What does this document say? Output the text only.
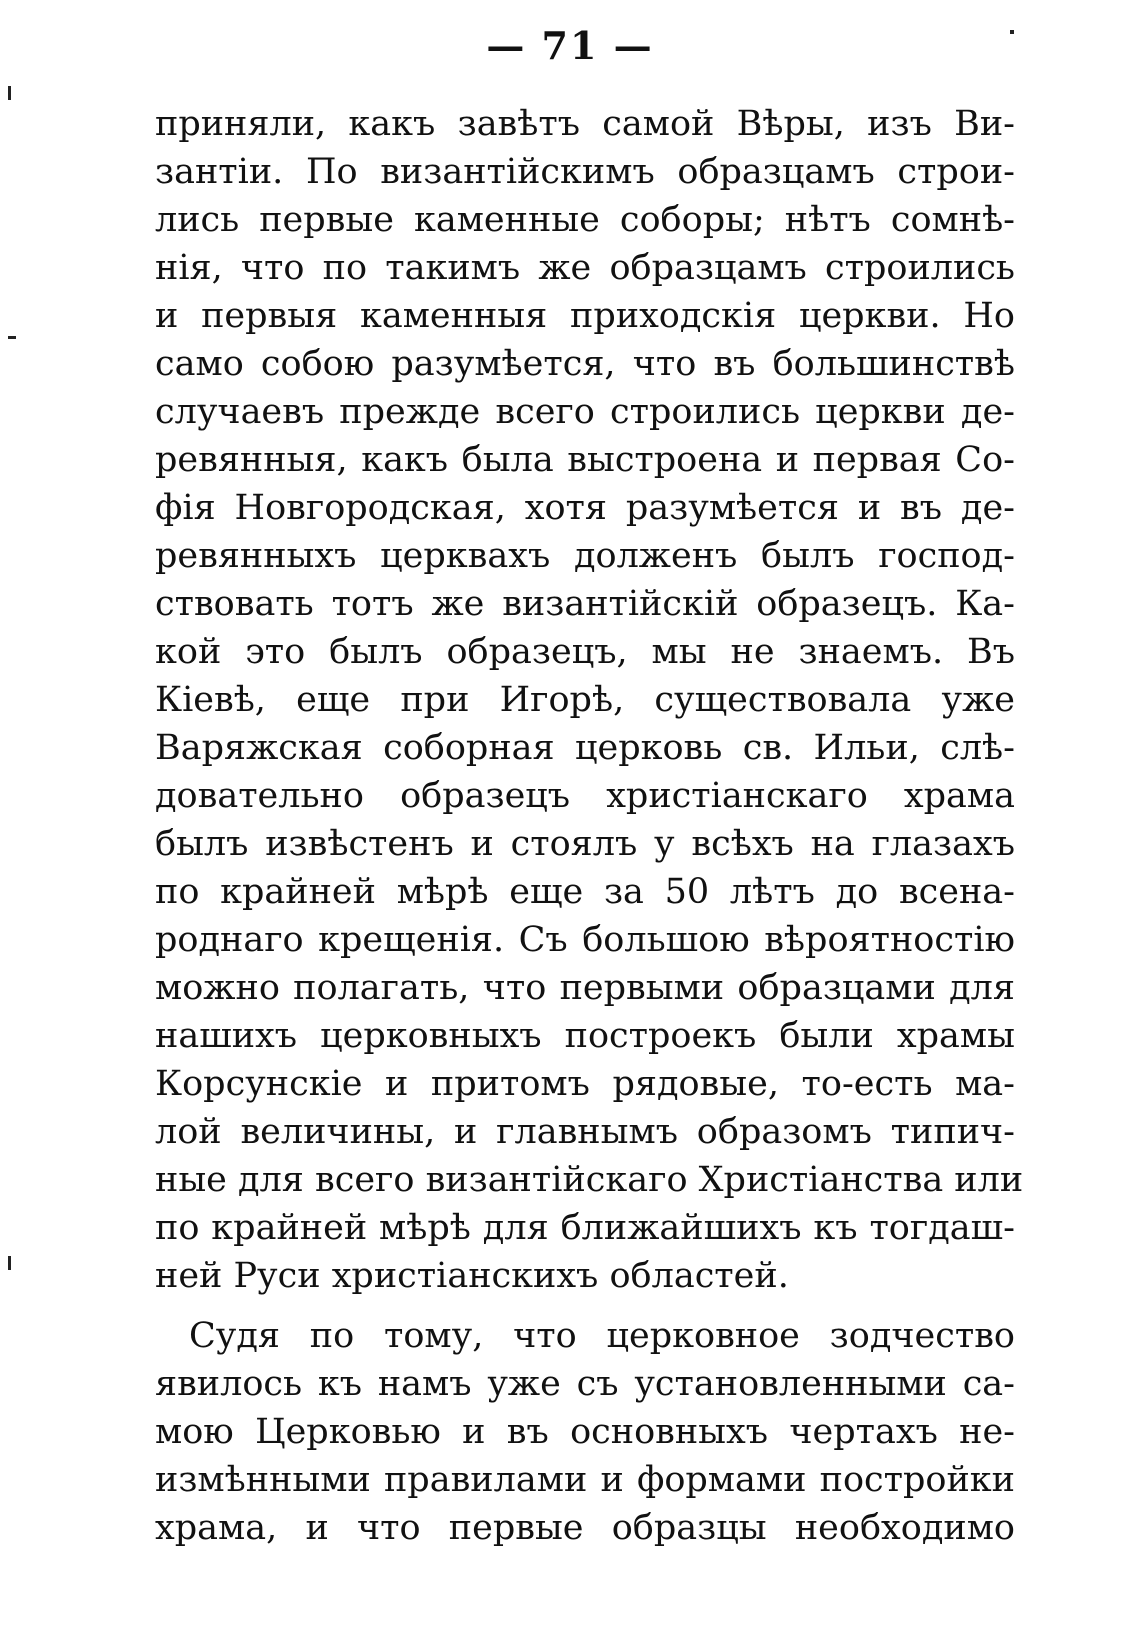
— 71 —
приняли, какъ завѣтъ самой Вѣры, изъ Ви-
зантіи. По византійскимъ образцамъ строи-
лись первые каменные соборы; нѣтъ сомнѣ-
нія, что по такимъ же образцамъ строились
и первыя каменныя приходскія церкви. Но
само собою разумѣется, что въ большинствѣ
случаевъ прежде всего строились церкви де-
ревянныя, какъ была выстроена и первая Со-
фія Новгородская, хотя разумѣется и въ де-
ревянныхъ церквахъ долженъ былъ господ-
ствовать тотъ же византійскій образецъ. Ка-
кой это былъ образецъ, мы не знаемъ. Въ
Кіевѣ, еще при Игорѣ, существовала уже
Варяжская соборная церковь св. Ильи, слѣ-
довательно образецъ христіанскаго храма
былъ извѣстенъ и стоялъ у всѣхъ на глазахъ
по крайней мѣрѣ еще за 50 лѣтъ до всена-
роднаго крещенія. Съ большою вѣроятностію
можно полагать, что первыми образцами для
нашихъ церковныхъ построекъ были храмы
Корсунскіе и притомъ рядовые, то-есть ма-
лой величины, и главнымъ образомъ типич-
ные для всего византійскаго Христіанства или
по крайней мѣрѣ для ближайшихъ къ тогдаш-
ней Руси христіанскихъ областей.
Судя по тому, что церковное зодчество
явилось къ намъ уже съ установленными са-
мою Церковью и въ основныхъ чертахъ не-
измѣнными правилами и формами постройки
храма, и что первые образцы необходимо
